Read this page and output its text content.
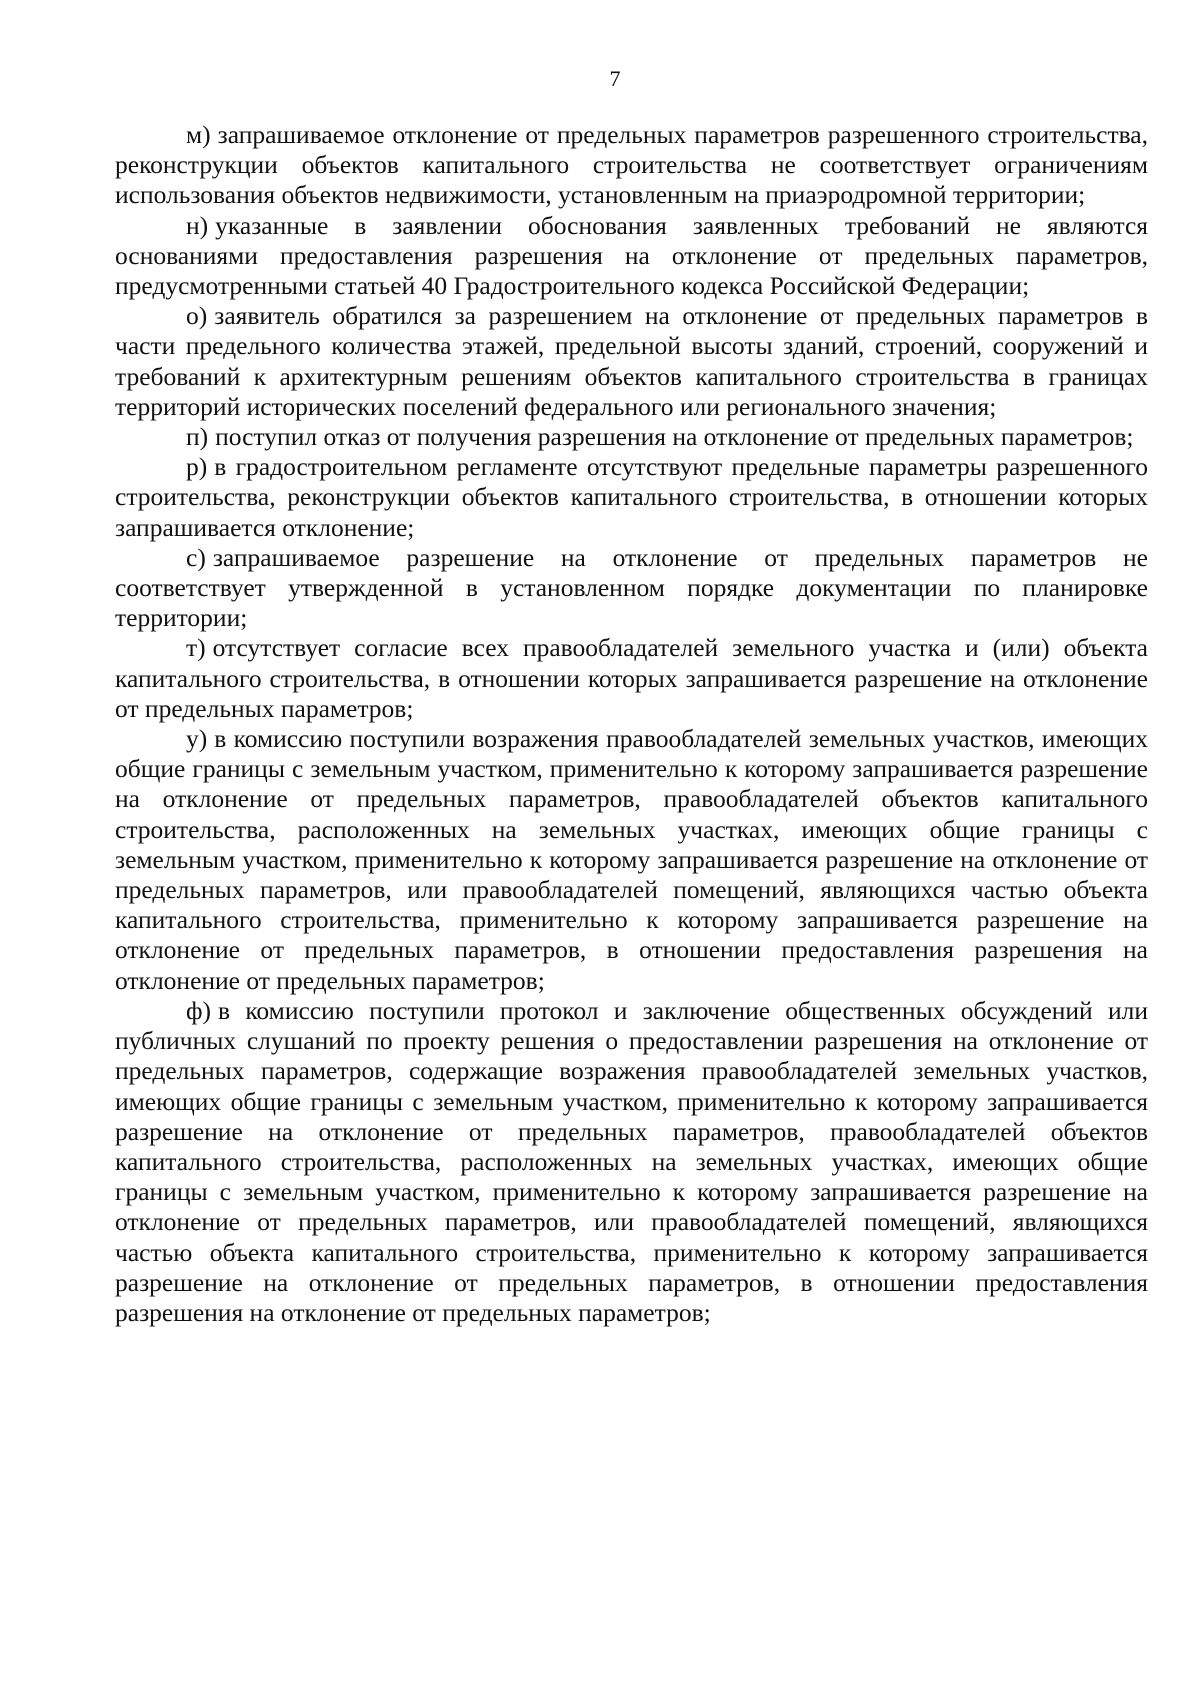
7

м) запрашиваемое отклонение от предельных параметров разрешенного строительства, реконструкции объектов капитального строительства не соответствует ограничениям использования объектов недвижимости, установленным на приаэродромной территории;

н) указанные в заявлении обоснования заявленных требований не являются основаниями предоставления разрешения на отклонение от предельных параметров, предусмотренными статьей 40 Градостроительного кодекса Российской Федерации;

о) заявитель обратился за разрешением на отклонение от предельных параметров в части предельного количества этажей, предельной высоты зданий, строений, сооружений и требований к архитектурным решениям объектов капитального строительства в границах территорий исторических поселений федерального или регионального значения;

п) поступил отказ от получения разрешения на отклонение от предельных параметров;

р) в градостроительном регламенте отсутствуют предельные параметры разрешенного строительства, реконструкции объектов капитального строительства, в отношении которых запрашивается отклонение;

с) запрашиваемое разрешение на отклонение от предельных параметров не соответствует утвержденной в установленном порядке документации по планировке территории;

т) отсутствует согласие всех правообладателей земельного участка и (или) объекта капитального строительства, в отношении которых запрашивается разрешение на отклонение от предельных параметров;

у) в комиссию поступили возражения правообладателей земельных участков, имеющих общие границы с земельным участком, применительно к которому запрашивается разрешение на отклонение от предельных параметров, правообладателей объектов капитального строительства, расположенных на земельных участках, имеющих общие границы с земельным участком, применительно к которому запрашивается разрешение на отклонение от предельных параметров, или правообладателей помещений, являющихся частью объекта капитального строительства, применительно к которому запрашивается разрешение на отклонение от предельных параметров, в отношении предоставления разрешения на отклонение от предельных параметров;

ф) в комиссию поступили протокол и заключение общественных обсуждений или публичных слушаний по проекту решения о предоставлении разрешения на отклонение от предельных параметров, содержащие возражения правообладателей земельных участков, имеющих общие границы с земельным участком, применительно к которому запрашивается разрешение на отклонение от предельных параметров, правообладателей объектов капитального строительства, расположенных на земельных участках, имеющих общие границы с земельным участком, применительно к которому запрашивается разрешение на отклонение от предельных параметров, или правообладателей помещений, являющихся частью объекта капитального строительства, применительно к которому запрашивается разрешение на отклонение от предельных параметров, в отношении предоставления разрешения на отклонение от предельных параметров;
